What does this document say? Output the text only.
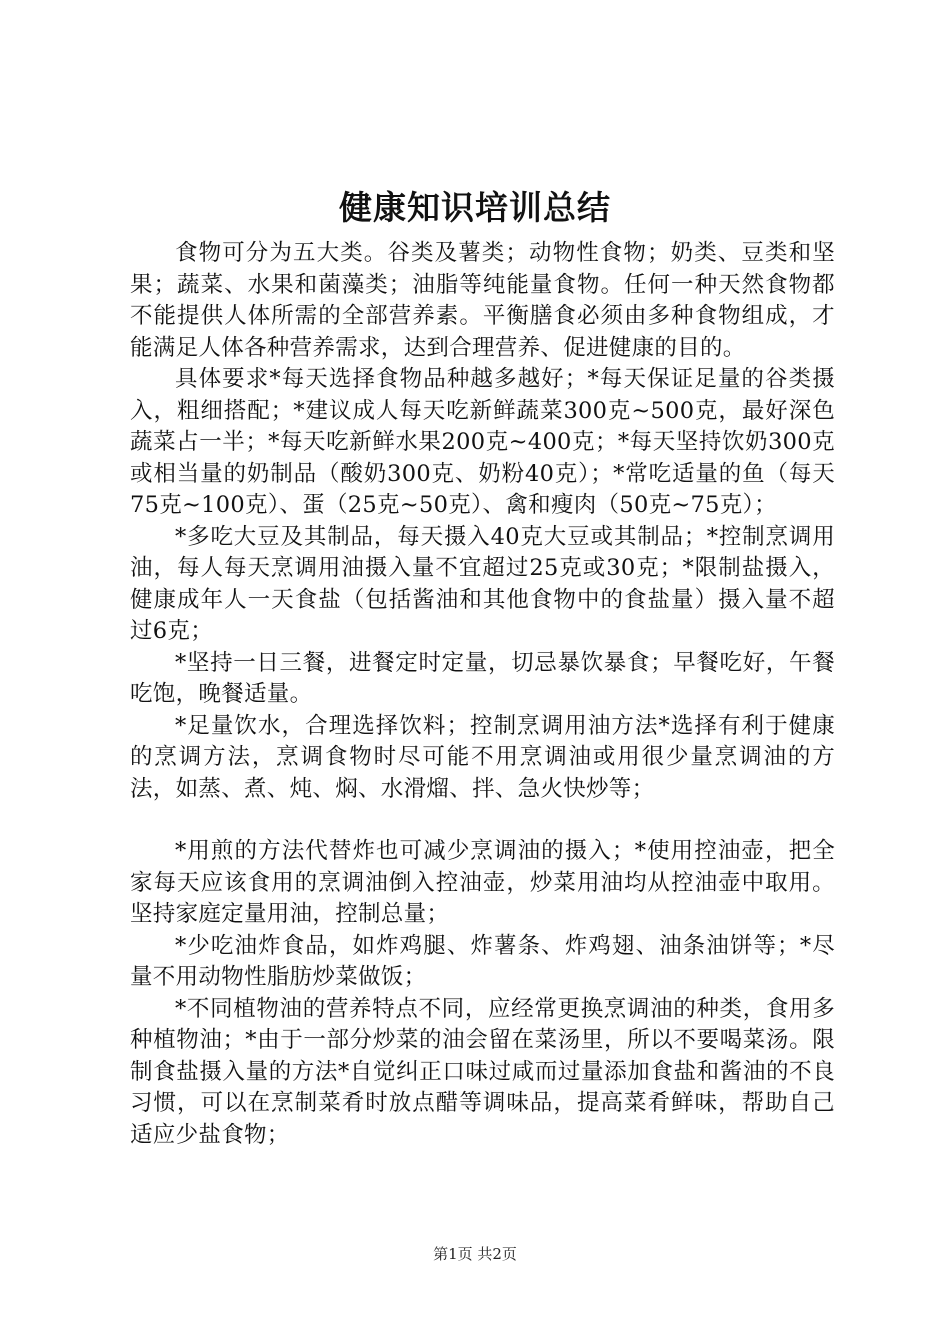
健康知识培训总结

食物可分为五大类。谷类及薯类；动物性食物；奶类、豆类和坚果；蔬菜、水果和菌藻类；油脂等纯能量食物。任何一种天然食物都不能提供人体所需的全部营养素。平衡膳食必须由多种食物组成，才能满足人体各种营养需求，达到合理营养、促进健康的目的。

具体要求*每天选择食物品种越多越好；*每天保证足量的谷类摄入，粗细搭配；*建议成人每天吃新鲜蔬菜300克~500克，最好深色蔬菜占一半；*每天吃新鲜水果200克~400克；*每天坚持饮奶300克或相当量的奶制品（酸奶300克、奶粉40克）；*常吃适量的鱼（每天75克~100克）、蛋（25克~50克）、禽和瘦肉（50克~75克）；

*多吃大豆及其制品，每天摄入40克大豆或其制品；*控制烹调用油，每人每天烹调用油摄入量不宜超过25克或30克；*限制盐摄入，健康成年人一天食盐（包括酱油和其他食物中的食盐量）摄入量不超过6克；

*坚持一日三餐，进餐定时定量，切忌暴饮暴食；早餐吃好，午餐吃饱，晚餐适量。

*足量饮水，合理选择饮料；控制烹调用油方法*选择有利于健康的烹调方法，烹调食物时尽可能不用烹调油或用很少量烹调油的方法，如蒸、煮、炖、焖、水滑熘、拌、急火快炒等；

*用煎的方法代替炸也可减少烹调油的摄入；*使用控油壶，把全家每天应该食用的烹调油倒入控油壶，炒菜用油均从控油壶中取用。坚持家庭定量用油，控制总量；

*少吃油炸食品，如炸鸡腿、炸薯条、炸鸡翅、油条油饼等；*尽量不用动物性脂肪炒菜做饭；

*不同植物油的营养特点不同，应经常更换烹调油的种类，食用多种植物油；*由于一部分炒菜的油会留在菜汤里，所以不要喝菜汤。限制食盐摄入量的方法*自觉纠正口味过咸而过量添加食盐和酱油的不良习惯，可以在烹制菜肴时放点醋等调味品，提高菜肴鲜味，帮助自己适应少盐食物；

第1页 共2页
